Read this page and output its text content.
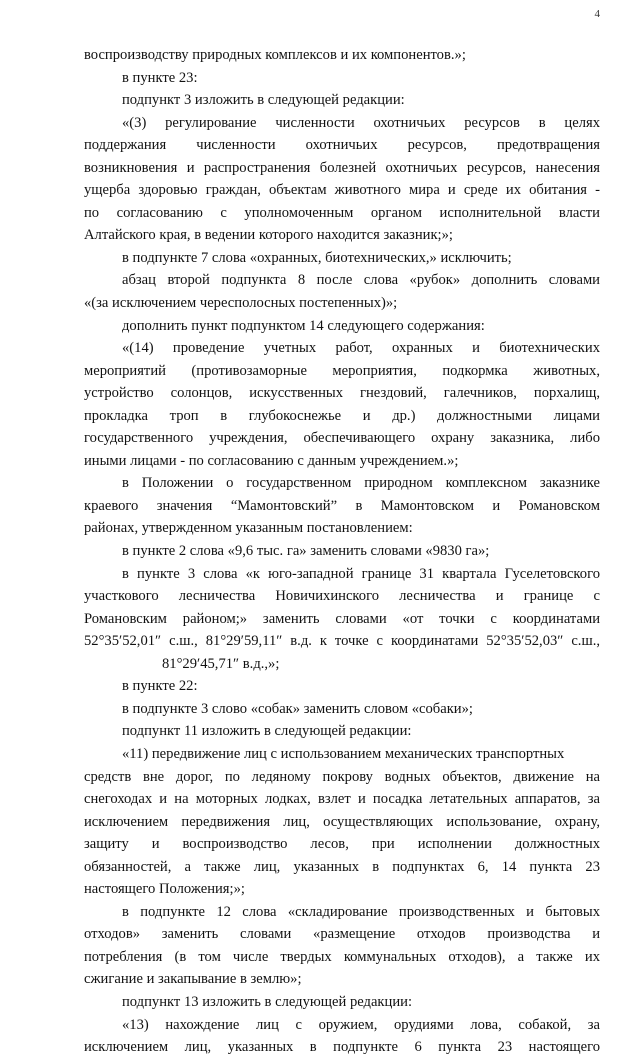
4
воспроизводству природных комплексов и их компонентов.»;
в пункте 23:
подпункт 3 изложить в следующей редакции:
«(3) регулирование численности охотничьих ресурсов в целях
поддержания численности охотничьих ресурсов, предотвращения
возникновения и распространения болезней охотничьих ресурсов, нанесения
ущерба здоровью граждан, объектам животного мира и среде их обитания -
по согласованию с уполномоченным органом исполнительной власти
Алтайского края, в ведении которого находится заказник;»;
в подпункте 7 слова «охранных, биотехнических,» исключить;
абзац второй подпункта 8 после слова «рубок» дополнить словами
«(за исключением чересполосных постепенных)»;
дополнить пункт подпунктом 14 следующего содержания:
«(14) проведение учетных работ, охранных и биотехнических
мероприятий (противозаморные мероприятия, подкормка животных,
устройство солонцов, искусственных гнездовий, галечников, порхалищ,
прокладка троп в глубокоснежье и др.) должностными лицами
государственного учреждения, обеспечивающего охрану заказника, либо
иными лицами - по согласованию с данным учреждением.»;
в Положении о государственном природном комплексном заказнике
краевого значения “Мамонтовский” в Мамонтовском и Романовском
районах, утвержденном указанным постановлением:
в пункте 2 слова «9,6 тыс. га» заменить словами «9830 га»;
в пункте 3 слова «к юго-западной границе 31 квартала Гуселетовского
участкового лесничества Новичихинского лесничества и границе с
Романовским районом;» заменить словами «от точки с координатами
52°35′52,01″ с.ш., 81°29′59,11″ в.д. к точке с координатами 52°35′52,03″ с.ш.,
81°29′45,71″ в.д.,»;
в пункте 22:
в подпункте 3 слово «собак» заменить словом «собаки»;
подпункт 11 изложить в следующей редакции:
«11) передвижение лиц с использованием механических транспортных
средств вне дорог, по ледяному покрову водных объектов, движение на
снегоходах и на моторных лодках, взлет и посадка летательных аппаратов, за
исключением передвижения лиц, осуществляющих использование, охрану,
защиту и воспроизводство лесов, при исполнении должностных
обязанностей, а также лиц, указанных в подпунктах 6, 14 пункта 23
настоящего Положения;»;
в подпункте 12 слова «складирование производственных и бытовых
отходов» заменить словами «размещение отходов производства и
потребления (в том числе твердых коммунальных отходов), а также их
сжигание и закапывание в землю»;
подпункт 13 изложить в следующей редакции:
«13) нахождение лиц с оружием, орудиями лова, собакой, за
исключением лиц, указанных в подпункте 6 пункта 23 настоящего
